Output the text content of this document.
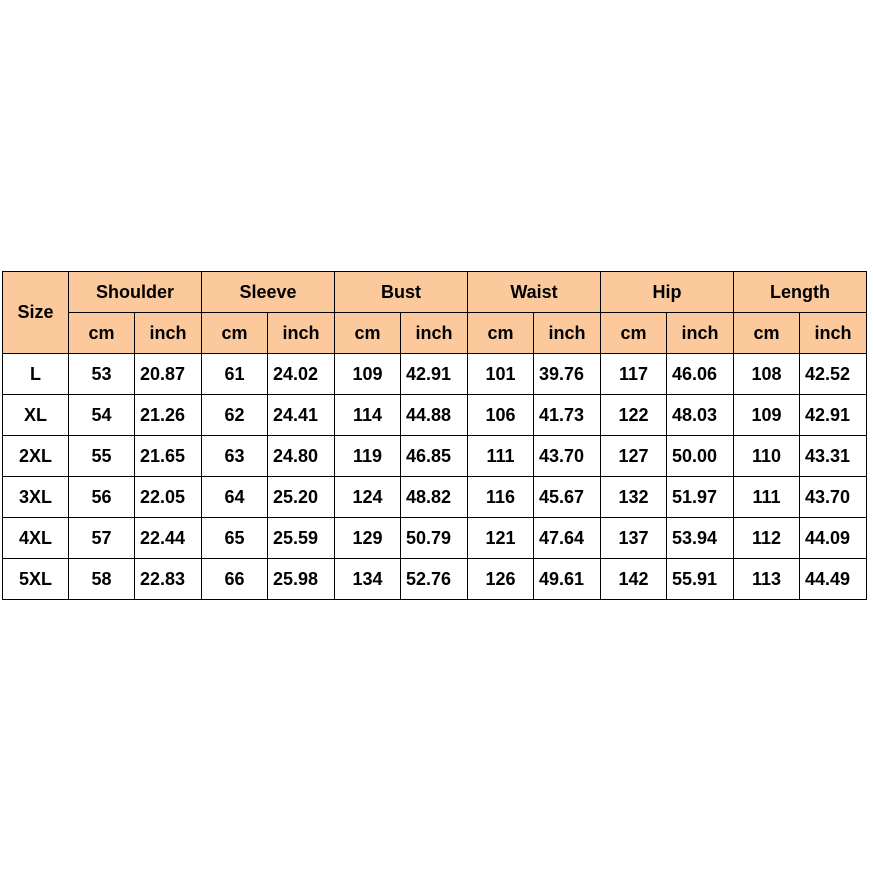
Size	Shoulder		Sleeve		Bust		Waist		Hip		Length	
	cm	inch	cm	inch	cm	inch	cm	inch	cm	inch	cm	inch
L	53	20.87	61	24.02	109	42.91	101	39.76	117	46.06	108	42.52
XL	54	21.26	62	24.41	114	44.88	106	41.73	122	48.03	109	42.91
2XL	55	21.65	63	24.80	119	46.85	111	43.70	127	50.00	110	43.31
3XL	56	22.05	64	25.20	124	48.82	116	45.67	132	51.97	111	43.70
4XL	57	22.44	65	25.59	129	50.79	121	47.64	137	53.94	112	44.09
5XL	58	22.83	66	25.98	134	52.76	126	49.61	142	55.91	113	44.49
